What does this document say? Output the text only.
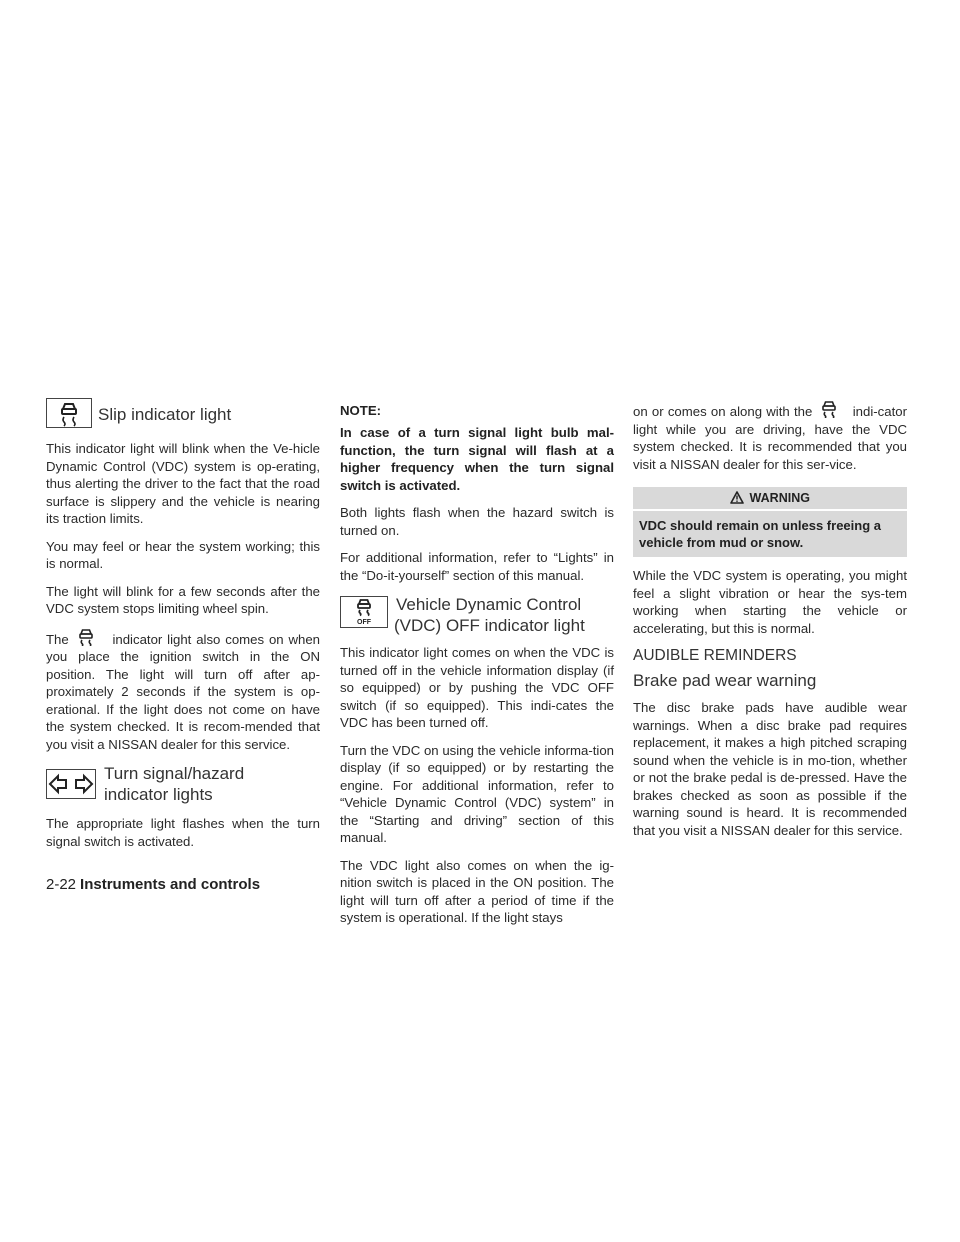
Slip indicator light

This indicator light will blink when the Ve-hicle Dynamic Control (VDC) system is op-erating, thus alerting the driver to the fact that the road surface is slippery and the vehicle is nearing its traction limits.

You may feel or hear the system working; this is normal.

The light will blink for a few seconds after the VDC system stops limiting wheel spin.

The	indicator light also comes on when you place the ignition switch in the ON position. The light will turn off after ap-proximately 2 seconds if the system is op-erational. If the light does not come on have the system checked. It is recom-mended that you visit a NISSAN dealer for this service.

Turn signal/hazard
indicator lights

The appropriate light flashes when the turn signal switch is activated.

NOTE:

In case of a turn signal light bulb mal-function, the turn signal will flash at a higher frequency when the turn signal switch is activated.

Both lights flash when the hazard switch is turned on.

For additional information, refer to “Lights” in the “Do-it-yourself” section of this manual.

OFF
Vehicle Dynamic Control
(VDC) OFF indicator light

This indicator light comes on when the VDC is turned off in the vehicle information display (if so equipped) or by pushing the VDC OFF switch (if so equipped). This indi-cates the VDC has been turned off.

Turn the VDC on using the vehicle informa-tion display (if so equipped) or by restarting the engine. For additional information, refer to “Vehicle Dynamic Control (VDC) system” in the “Starting and driving” section of this manual.

The VDC light also comes on when the ig-nition switch is placed in the ON position. The light will turn off after a period of time if the system is operational. If the light stays

on or comes on along with the	indi-cator light while you are driving, have the VDC system checked. It is recommended that you visit a NISSAN dealer for this ser-vice.

WARNING
VDC should remain on unless freeing a vehicle from mud or snow.

While the VDC system is operating, you might feel a slight vibration or hear the sys-tem working when starting the vehicle or accelerating, but this is normal.

AUDIBLE REMINDERS
Brake pad wear warning

The disc brake pads have audible wear warnings. When a disc brake pad requires replacement, it makes a high pitched scraping sound when the vehicle is in mo-tion, whether or not the brake pedal is de-pressed. Have the brakes checked as soon as possible if the warning sound is heard. It is recommended that you visit a NISSAN dealer for this service.

2-22 Instruments and controls
